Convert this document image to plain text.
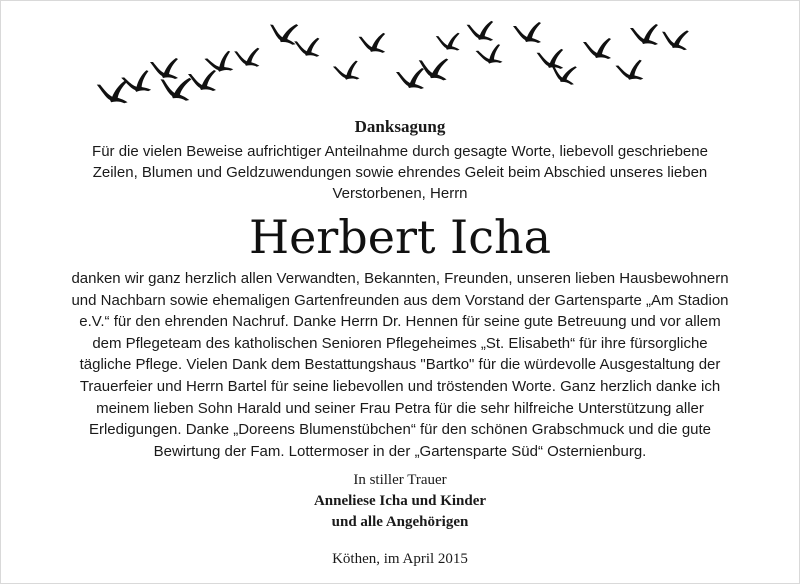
Danksagung
Für die vielen Beweise aufrichtiger Anteilnahme durch gesagte Worte, liebevoll geschriebene
Zeilen, Blumen und Geldzuwendungen sowie ehrendes Geleit beim Abschied unseres lieben
Verstorbenen, Herrn
Herbert Icha
danken wir ganz herzlich allen Verwandten, Bekannten, Freunden, unseren lieben Hausbewohnern
und Nachbarn sowie ehemaligen Gartenfreunden aus dem Vorstand der Gartensparte „Am Stadion
e.V.“ für den ehrenden Nachruf. Danke Herrn Dr. Hennen für seine gute Betreuung und vor allem
dem Pflegeteam des katholischen Senioren Pflegeheimes „St. Elisabeth“ für ihre fürsorgliche
tägliche Pflege. Vielen Dank dem Bestattungshaus "Bartko" für die würdevolle Ausgestaltung der
Trauerfeier und Herrn Bartel für seine liebevollen und tröstenden Worte. Ganz herzlich danke ich
meinem lieben Sohn Harald und seiner Frau Petra für die sehr hilfreiche Unterstützung aller
Erledigungen. Danke „Doreens Blumenstübchen“ für den schönen Grabschmuck und die gute
Bewirtung der Fam. Lottermoser in der „Gartensparte Süd“ Osternienburg.
In stiller Trauer
Anneliese Icha und Kinder
und alle Angehörigen
Köthen, im April 2015
